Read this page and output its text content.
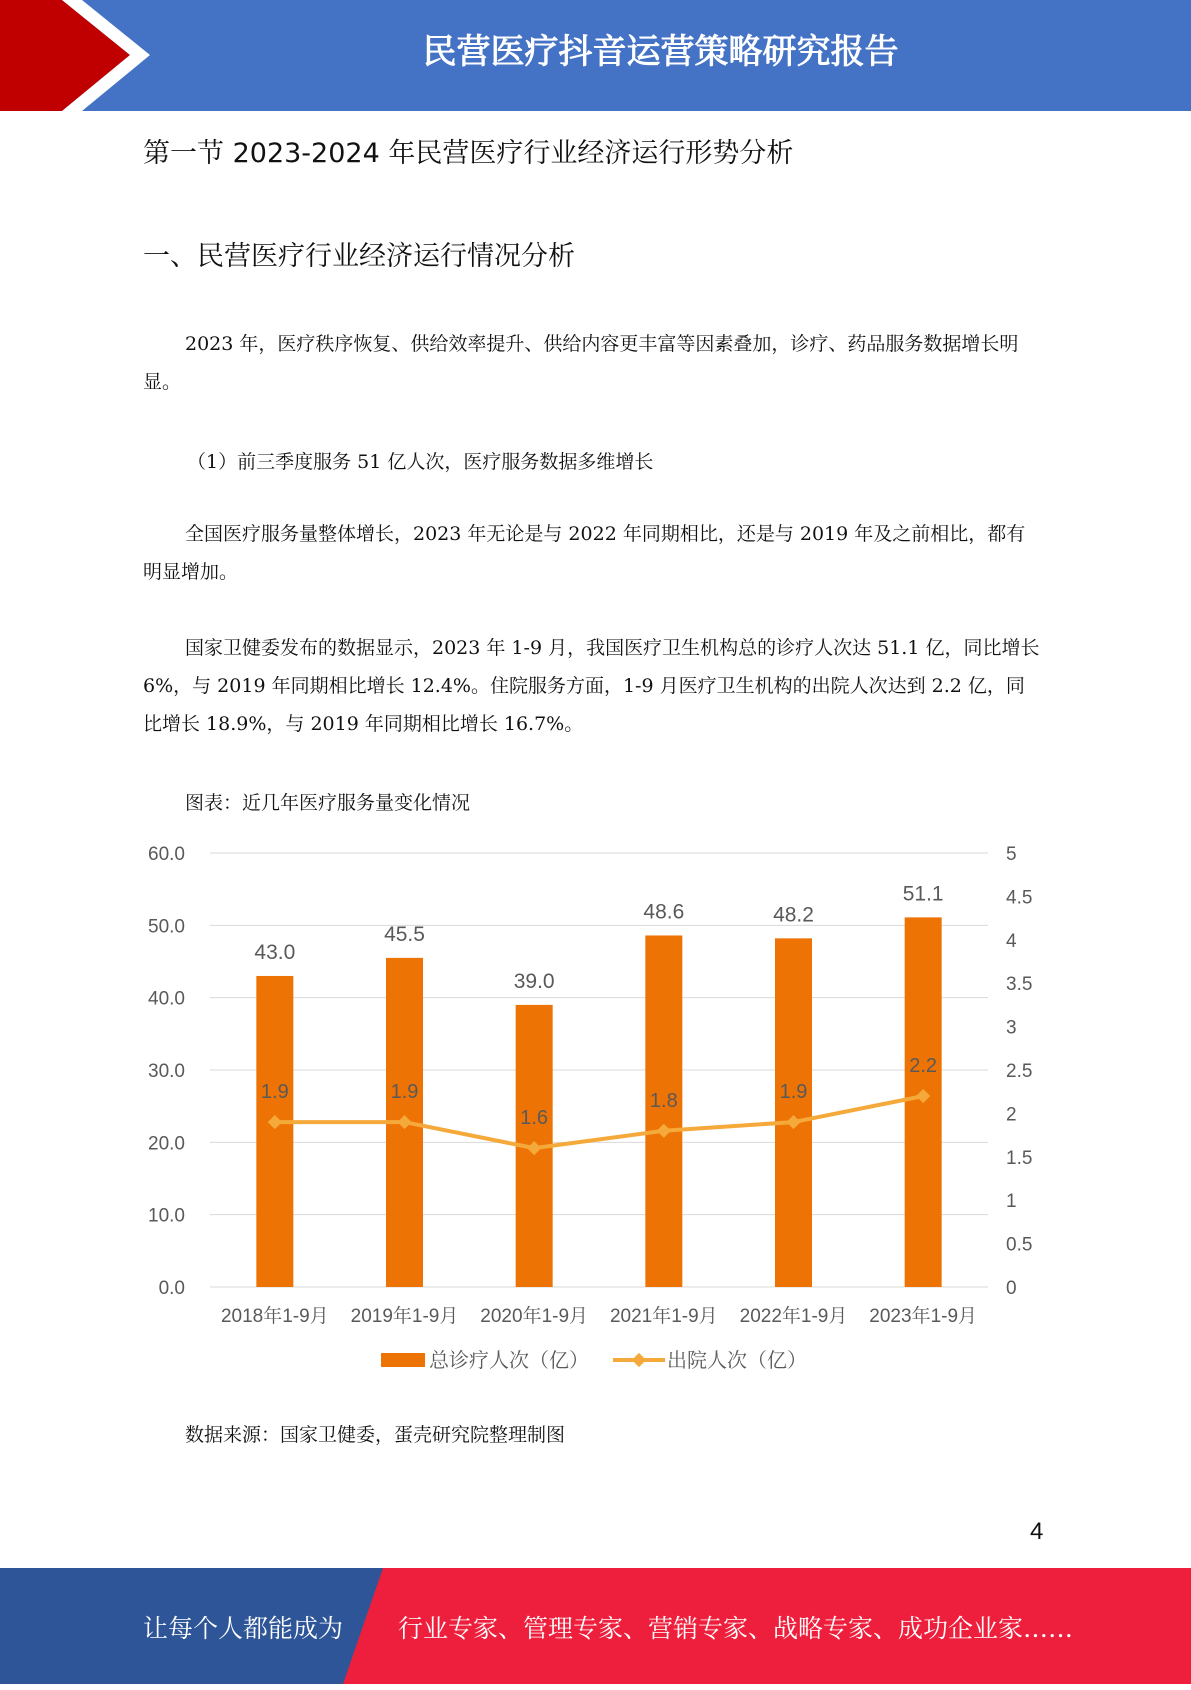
民营医疗抖音运营策略研究报告
第一节 2023-2024 年民营医疗行业经济运行形势分析
一、民营医疗行业经济运行情况分析
2023 年，医疗秩序恢复、供给效率提升、供给内容更丰富等因素叠加，诊疗、药品服务数据增长明显。
（1）前三季度服务 51 亿人次，医疗服务数据多维增长
全国医疗服务量整体增长，2023 年无论是与 2022 年同期相比，还是与 2019 年及之前相比，都有明显增加。
国家卫健委发布的数据显示，2023 年 1-9 月，我国医疗卫生机构总的诊疗人次达 51.1 亿，同比增长 6%，与 2019 年同期相比增长 12.4%。住院服务方面，1-9 月医疗卫生机构的出院人次达到 2.2 亿，同比增长 18.9%，与 2019 年同期相比增长 16.7%。
图表：近几年医疗服务量变化情况
0.0
10.0
20.0
30.0
40.0
50.0
60.0
0
0.5
1
1.5
2
2.5
3
3.5
4
4.5
5
43.0
2018年1-9月
1.9
45.5
2019年1-9月
1.9
39.0
2020年1-9月
1.6
48.6
2021年1-9月
1.8
48.2
2022年1-9月
1.9
51.1
2023年1-9月
2.2
总诊疗人次（亿）	出院人次（亿）
数据来源：国家卫健委，蛋壳研究院整理制图
4
让每个人都能成为 行业专家、管理专家、营销专家、战略专家、成功企业家……
